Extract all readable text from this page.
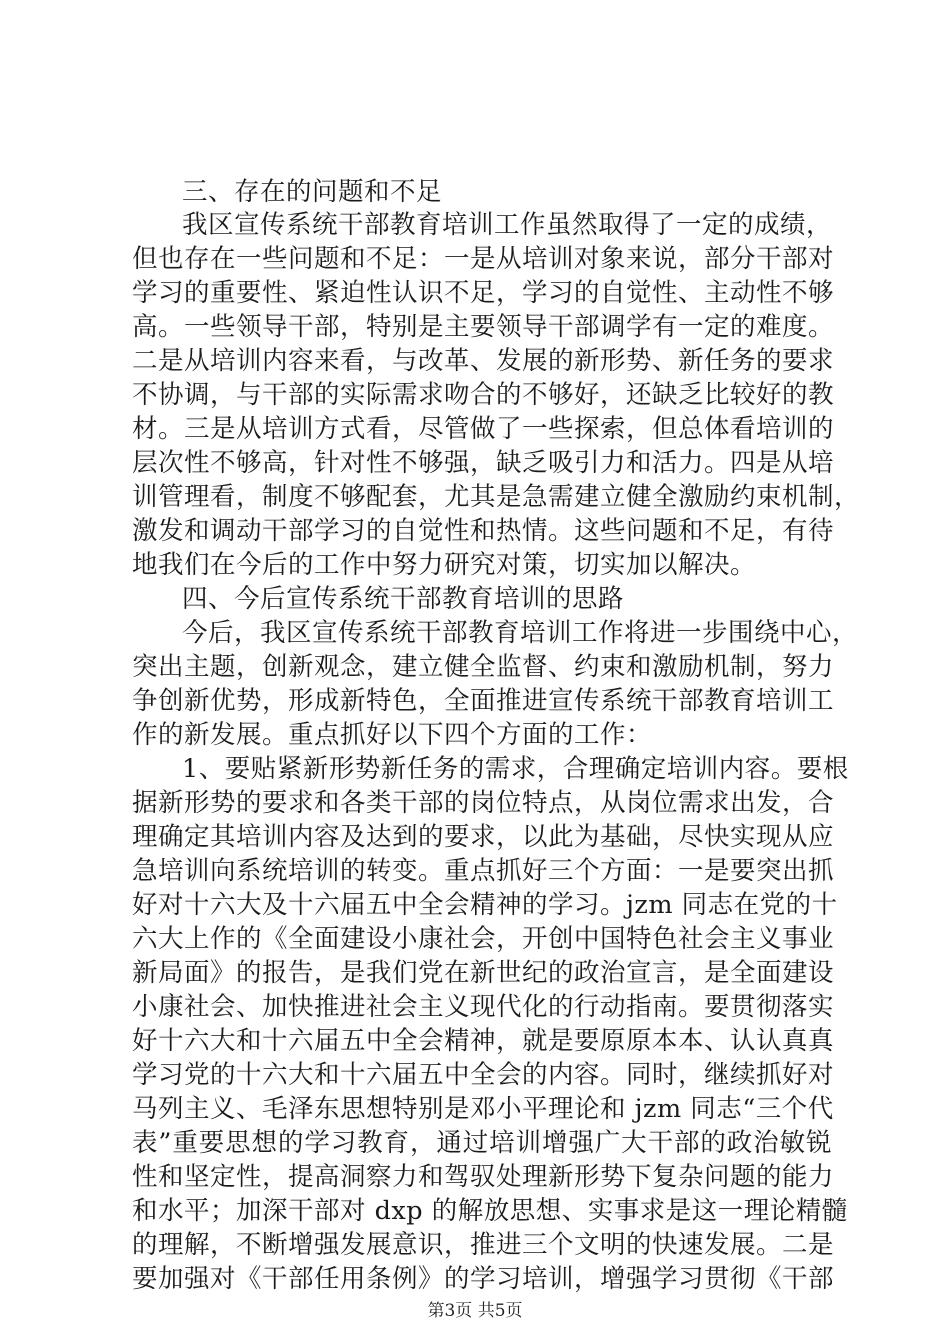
三、存在的问题和不足
我区宣传系统干部教育培训工作虽然取得了一定的成绩，
但也存在一些问题和不足：一是从培训对象来说，部分干部对
学习的重要性、紧迫性认识不足，学习的自觉性、主动性不够
高。一些领导干部，特别是主要领导干部调学有一定的难度。
二是从培训内容来看，与改革、发展的新形势、新任务的要求
不协调，与干部的实际需求吻合的不够好，还缺乏比较好的教
材。三是从培训方式看，尽管做了一些探索，但总体看培训的
层次性不够高，针对性不够强，缺乏吸引力和活力。四是从培
训管理看，制度不够配套，尤其是急需建立健全激励约束机制，
激发和调动干部学习的自觉性和热情。这些问题和不足，有待
地我们在今后的工作中努力研究对策，切实加以解决。
四、今后宣传系统干部教育培训的思路
今后，我区宣传系统干部教育培训工作将进一步围绕中心，
突出主题，创新观念，建立健全监督、约束和激励机制，努力
争创新优势，形成新特色，全面推进宣传系统干部教育培训工
作的新发展。重点抓好以下四个方面的工作：
1、要贴紧新形势新任务的需求，合理确定培训内容。要根
据新形势的要求和各类干部的岗位特点，从岗位需求出发，合
理确定其培训内容及达到的要求，以此为基础，尽快实现从应
急培训向系统培训的转变。重点抓好三个方面：一是要突出抓
好对十六大及十六届五中全会精神的学习。jzm 同志在党的十
六大上作的《全面建设小康社会，开创中国特色社会主义事业
新局面》的报告，是我们党在新世纪的政治宣言，是全面建设
小康社会、加快推进社会主义现代化的行动指南。要贯彻落实
好十六大和十六届五中全会精神，就是要原原本本、认认真真
学习党的十六大和十六届五中全会的内容。同时，继续抓好对
马列主义、毛泽东思想特别是邓小平理论和 jzm 同志“三个代
表”重要思想的学习教育，通过培训增强广大干部的政治敏锐
性和坚定性，提高洞察力和驾驭处理新形势下复杂问题的能力
和水平；加深干部对 dxp 的解放思想、实事求是这一理论精髓
的理解，不断增强发展意识，推进三个文明的快速发展。二是
要加强对《干部任用条例》的学习培训，增强学习贯彻《干部
第3页 共5页
